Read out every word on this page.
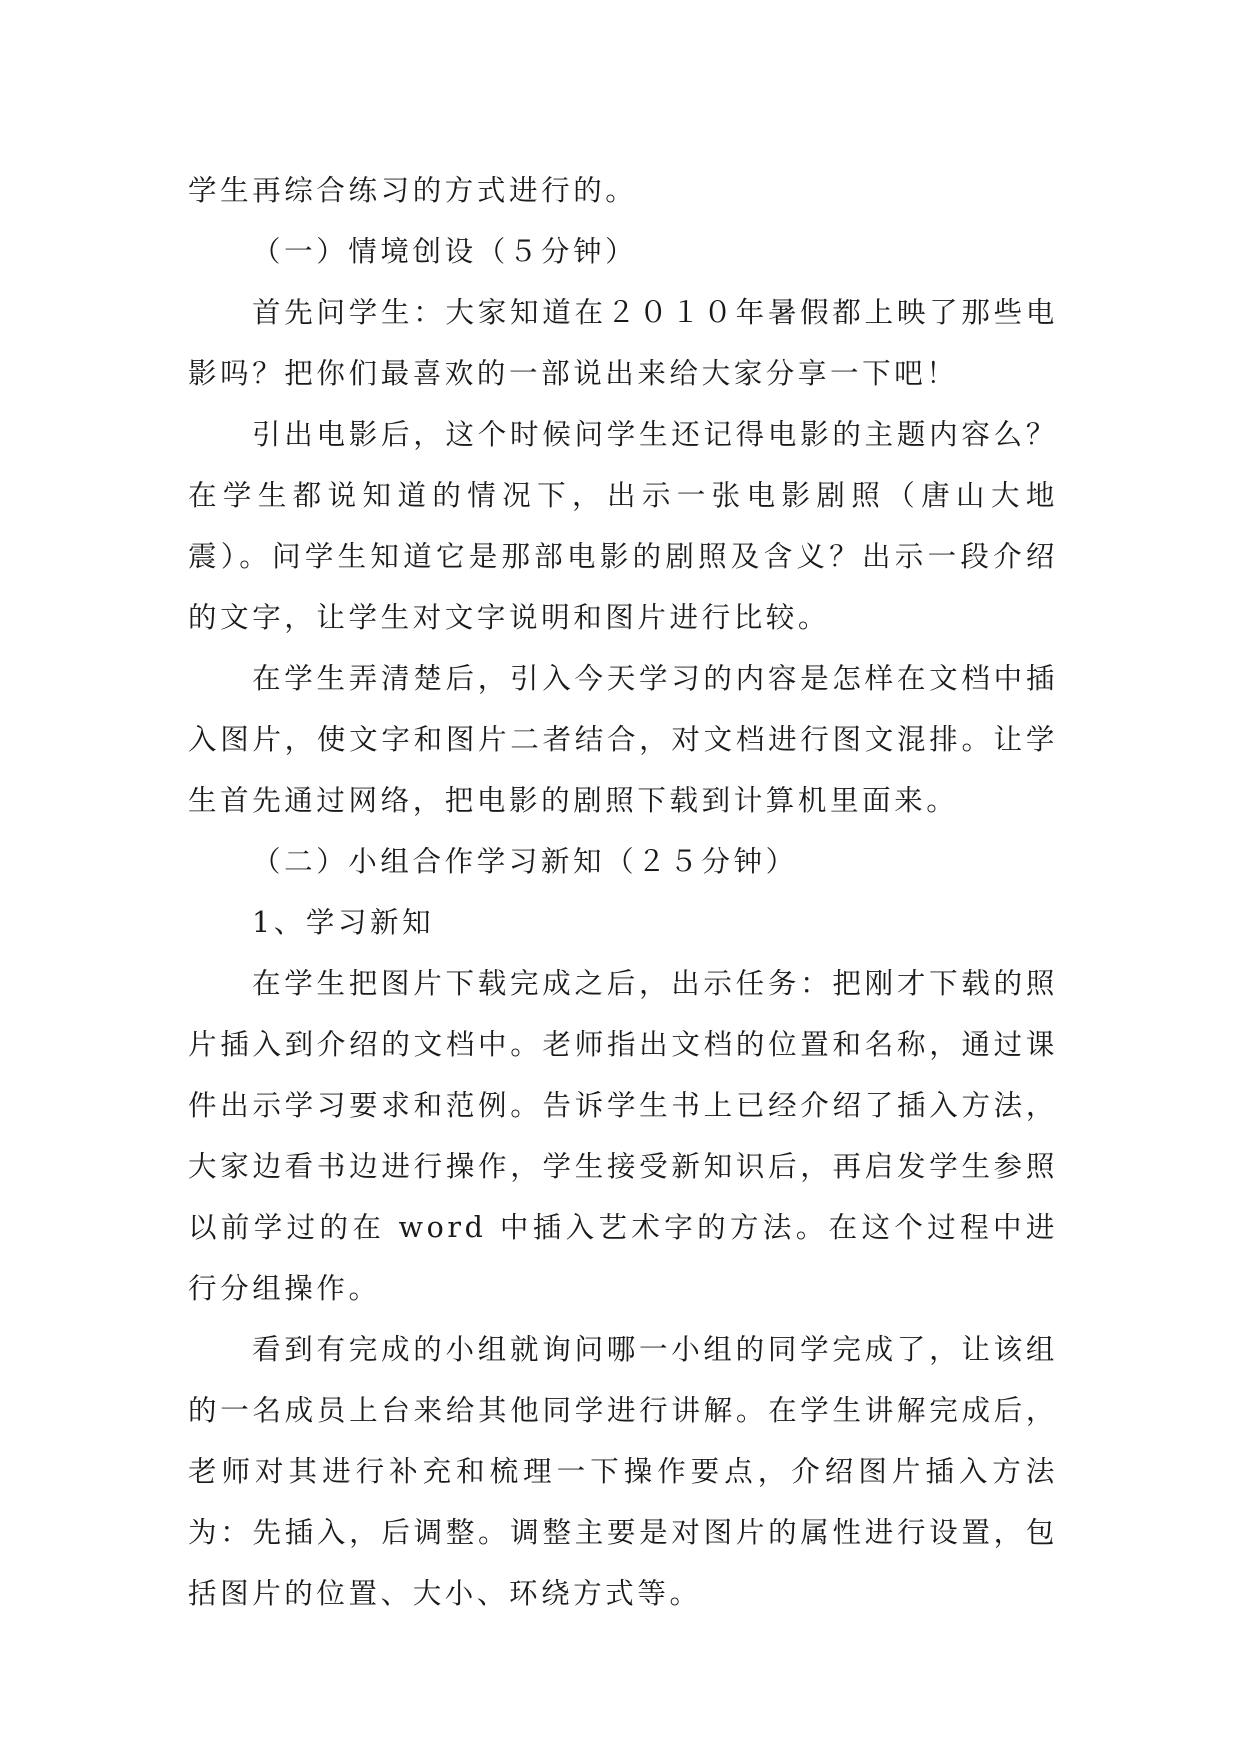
学生再综合练习的方式进行的。

（一）情境创设（５分钟）

首先问学生：大家知道在２０１０年暑假都上映了那些电影吗？把你们最喜欢的一部说出来给大家分享一下吧！

引出电影后，这个时候问学生还记得电影的主题内容么？在学生都说知道的情况下，出示一张电影剧照（唐山大地震）。问学生知道它是那部电影的剧照及含义？出示一段介绍的文字，让学生对文字说明和图片进行比较。

在学生弄清楚后，引入今天学习的内容是怎样在文档中插入图片，使文字和图片二者结合，对文档进行图文混排。让学生首先通过网络，把电影的剧照下载到计算机里面来。

（二）小组合作学习新知（２５分钟）

1、学习新知

在学生把图片下载完成之后，出示任务：把刚才下载的照片插入到介绍的文档中。老师指出文档的位置和名称，通过课件出示学习要求和范例。告诉学生书上已经介绍了插入方法，大家边看书边进行操作，学生接受新知识后，再启发学生参照以前学过的在 word 中插入艺术字的方法。在这个过程中进行分组操作。

看到有完成的小组就询问哪一小组的同学完成了，让该组的一名成员上台来给其他同学进行讲解。在学生讲解完成后，老师对其进行补充和梳理一下操作要点，介绍图片插入方法为：先插入，后调整。调整主要是对图片的属性进行设置，包括图片的位置、大小、环绕方式等。
